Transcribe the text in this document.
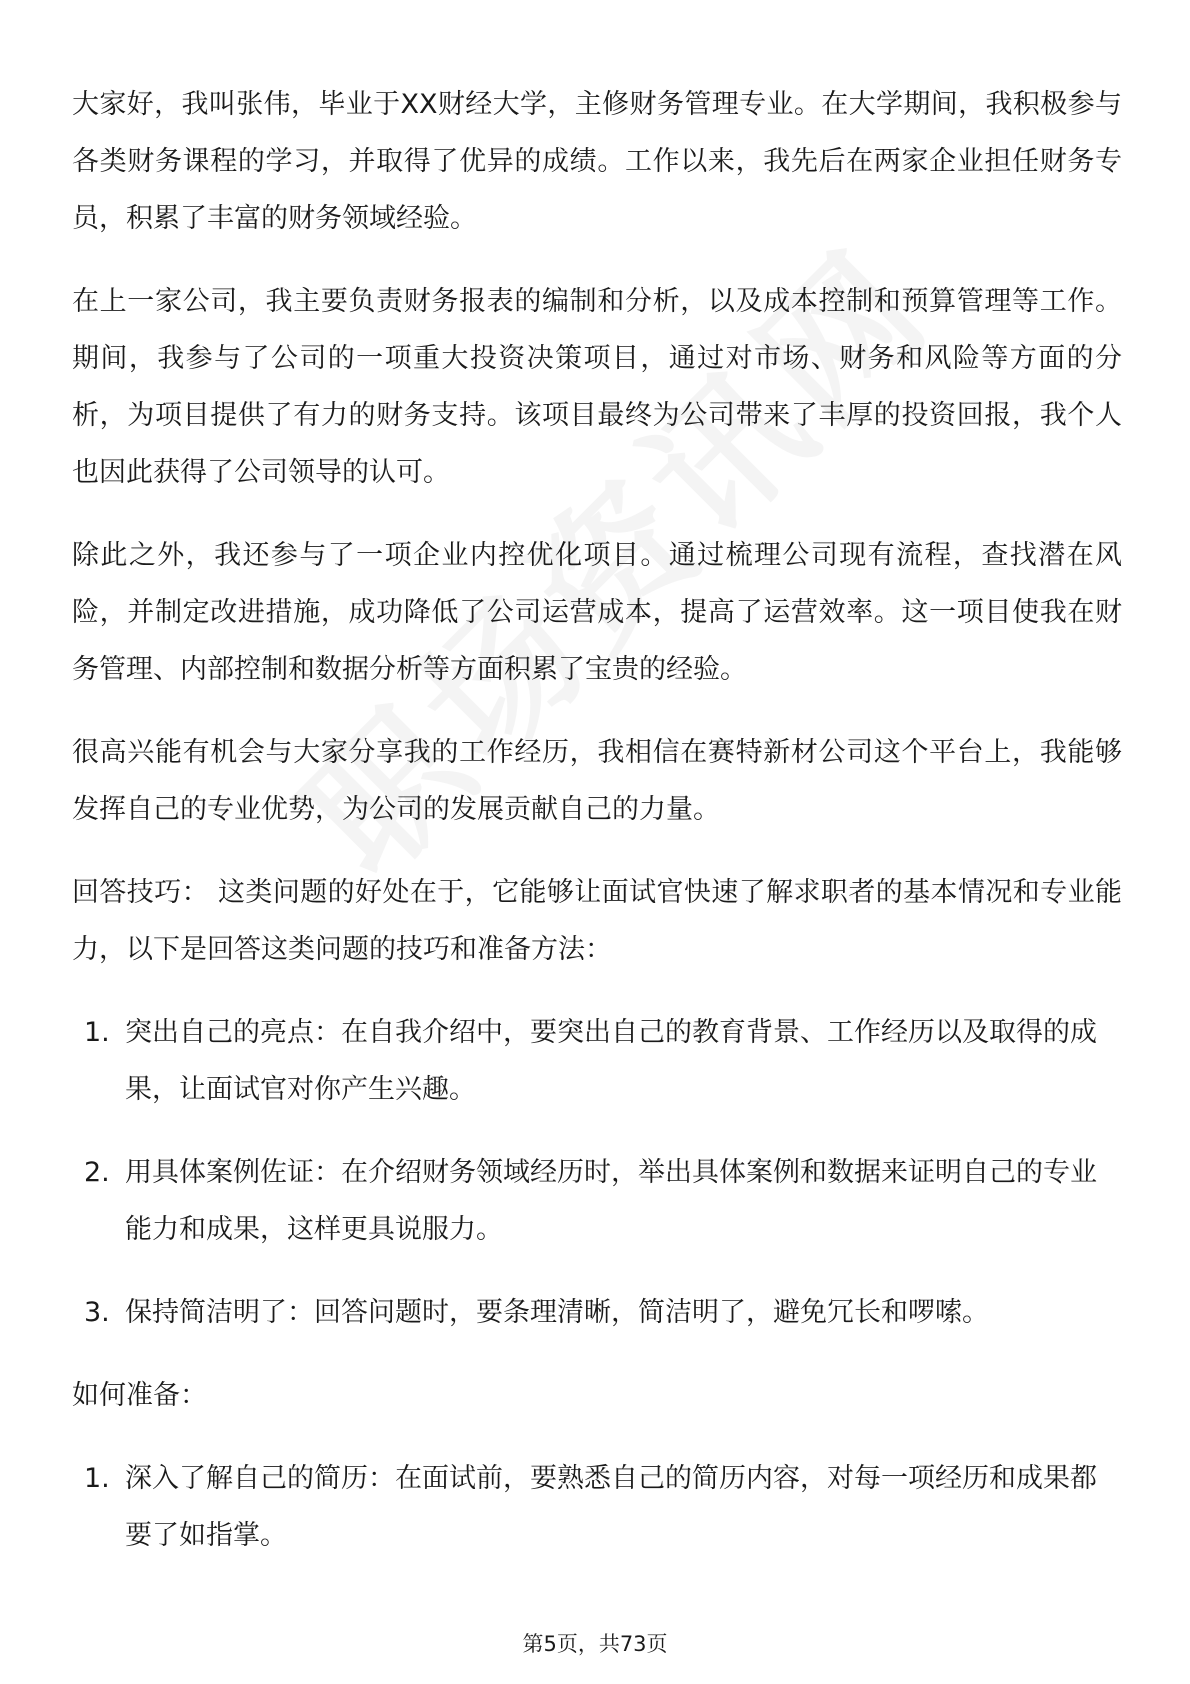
大家好，我叫张伟，毕业于XX财经大学，主修财务管理专业。在大学期间，我积极参与各类财务课程的学习，并取得了优异的成绩。工作以来，我先后在两家企业担任财务专员，积累了丰富的财务领域经验。

在上一家公司，我主要负责财务报表的编制和分析，以及成本控制和预算管理等工作。期间，我参与了公司的一项重大投资决策项目，通过对市场、财务和风险等方面的分析，为项目提供了有力的财务支持。该项目最终为公司带来了丰厚的投资回报，我个人也因此获得了公司领导的认可。

除此之外，我还参与了一项企业内控优化项目。通过梳理公司现有流程，查找潜在风险，并制定改进措施，成功降低了公司运营成本，提高了运营效率。这一项目使我在财务管理、内部控制和数据分析等方面积累了宝贵的经验。

很高兴能有机会与大家分享我的工作经历，我相信在赛特新材公司这个平台上，我能够发挥自己的专业优势，为公司的发展贡献自己的力量。

回答技巧： 这类问题的好处在于，它能够让面试官快速了解求职者的基本情况和专业能力，以下是回答这类问题的技巧和准备方法：

1. 突出自己的亮点：在自我介绍中，要突出自己的教育背景、工作经历以及取得的成果，让面试官对你产生兴趣。
2. 用具体案例佐证：在介绍财务领域经历时，举出具体案例和数据来证明自己的专业能力和成果，这样更具说服力。
3. 保持简洁明了：回答问题时，要条理清晰，简洁明了，避免冗长和啰嗦。

如何准备：

1. 深入了解自己的简历：在面试前，要熟悉自己的简历内容，对每一项经历和成果都要了如指掌。
第5页，共73页
